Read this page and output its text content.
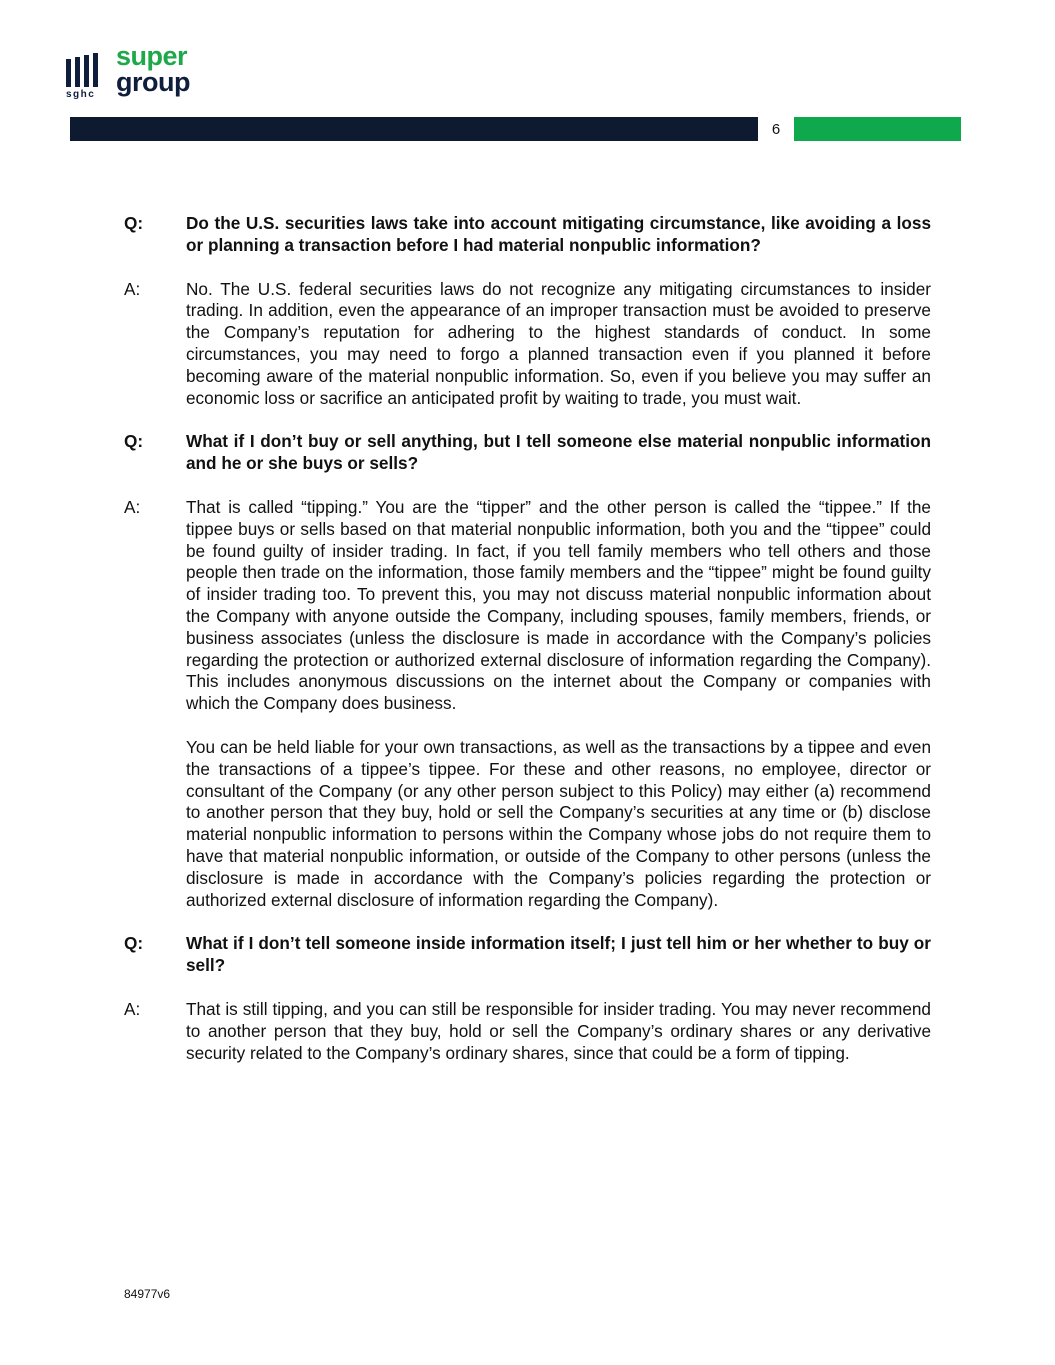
sghc
super
group
6
Q:	Do the U.S. securities laws take into account mitigating circumstance, like avoiding a loss or planning a transaction before I had material nonpublic information?

A:	No. The U.S. federal securities laws do not recognize any mitigating circumstances to insider trading. In addition, even the appearance of an improper transaction must be avoided to preserve the Company’s reputation for adhering to the highest standards of conduct. In some circumstances, you may need to forgo a planned transaction even if you planned it before becoming aware of the material nonpublic information. So, even if you believe you may suffer an economic loss or sacrifice an anticipated profit by waiting to trade, you must wait.

Q:	What if I don’t buy or sell anything, but I tell someone else material nonpublic information and he or she buys or sells?

A:	That is called “tipping.” You are the “tipper” and the other person is called the “tippee.” If the tippee buys or sells based on that material nonpublic information, both you and the “tippee” could be found guilty of insider trading. In fact, if you tell family members who tell others and those people then trade on the information, those family members and the “tippee” might be found guilty of insider trading too. To prevent this, you may not discuss material nonpublic information about the Company with anyone outside the Company, including spouses, family members, friends, or business associates (unless the disclosure is made in accordance with the Company’s policies regarding the protection or authorized external disclosure of information regarding the Company). This includes anonymous discussions on the internet about the Company or companies with which the Company does business.

You can be held liable for your own transactions, as well as the transactions by a tippee and even the transactions of a tippee’s tippee. For these and other reasons, no employee, director or consultant of the Company (or any other person subject to this Policy) may either (a) recommend to another person that they buy, hold or sell the Company’s securities at any time or (b) disclose material nonpublic information to persons within the Company whose jobs do not require them to have that material nonpublic information, or outside of the Company to other persons (unless the disclosure is made in accordance with the Company’s policies regarding the protection or authorized external disclosure of information regarding the Company).

Q:	What if I don’t tell someone inside information itself; I just tell him or her whether to buy or sell?

A:	That is still tipping, and you can still be responsible for insider trading. You may never recommend to another person that they buy, hold or sell the Company’s ordinary shares or any derivative security related to the Company’s ordinary shares, since that could be a form of tipping.

84977v6
